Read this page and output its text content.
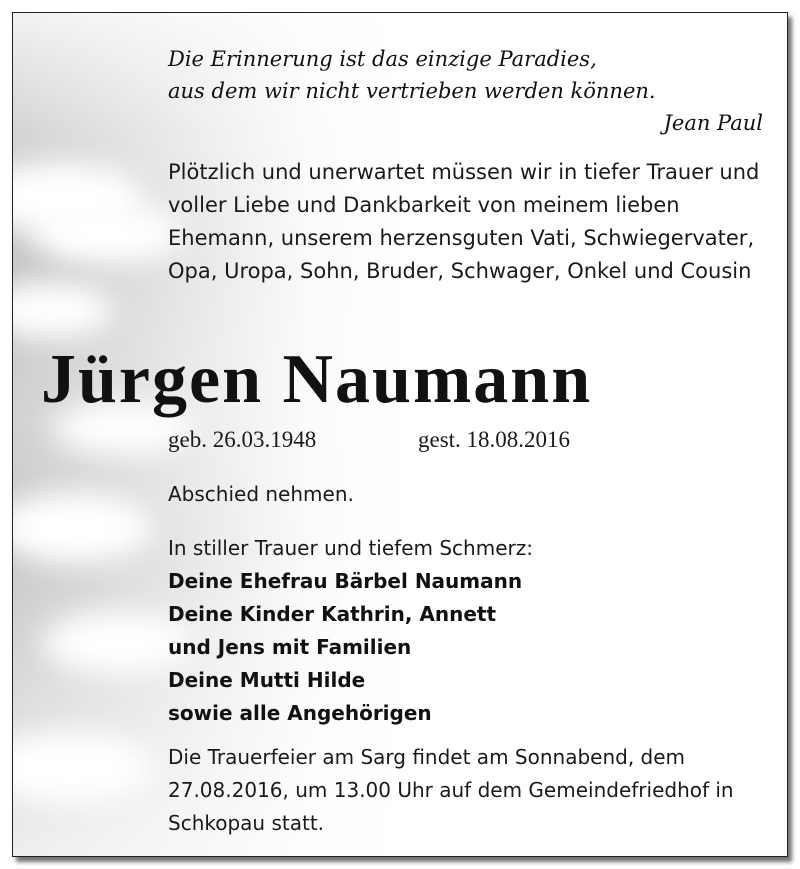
Die Erinnerung ist das einzige Paradies,
aus dem wir nicht vertrieben werden können.
Jean Paul

Plötzlich und unerwartet müssen wir in tiefer Trauer und voller Liebe und Dankbarkeit von meinem lieben Ehemann, unserem herzensguten Vati, Schwiegervater, Opa, Uropa, Sohn, Bruder, Schwager, Onkel und Cousin

Jürgen Naumann
geb. 26.03.1948	gest. 18.08.2016

Abschied nehmen.

In stiller Trauer und tiefem Schmerz:

Deine Ehefrau Bärbel Naumann
Deine Kinder Kathrin, Annett
und Jens mit Familien
Deine Mutti Hilde
sowie alle Angehörigen

Die Trauerfeier am Sarg findet am Sonnabend, dem 27.08.2016, um 13.00 Uhr auf dem Gemeindefriedhof in Schkopau statt.
